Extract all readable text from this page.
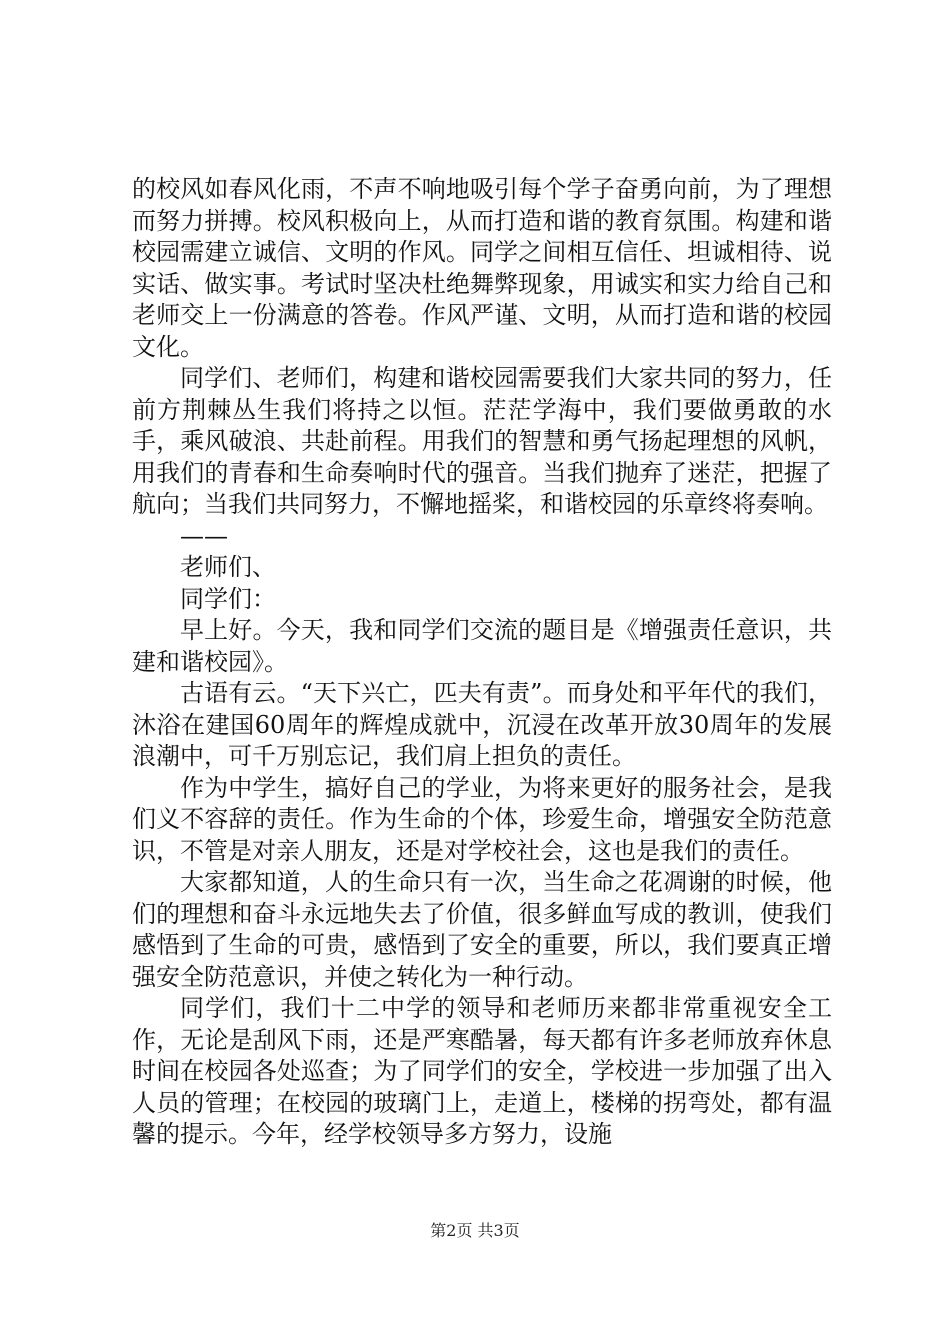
的校风如春风化雨，不声不响地吸引每个学子奋勇向前，为了理想而努力拼搏。校风积极向上，从而打造和谐的教育氛围。构建和谐校园需建立诚信、文明的作风。同学之间相互信任、坦诚相待、说实话、做实事。考试时坚决杜绝舞弊现象，用诚实和实力给自己和老师交上一份满意的答卷。作风严谨、文明，从而打造和谐的校园文化。

同学们、老师们，构建和谐校园需要我们大家共同的努力，任前方荆棘丛生我们将持之以恒。茫茫学海中，我们要做勇敢的水手，乘风破浪、共赴前程。用我们的智慧和勇气扬起理想的风帆，用我们的青春和生命奏响时代的强音。当我们抛弃了迷茫，把握了航向；当我们共同努力，不懈地摇桨，和谐校园的乐章终将奏响。

——

老师们、

同学们：

早上好。今天，我和同学们交流的题目是《增强责任意识，共建和谐校园》。

古语有云。“天下兴亡，匹夫有责”。而身处和平年代的我们，沐浴在建国60周年的辉煌成就中，沉浸在改革开放30周年的发展浪潮中，可千万别忘记，我们肩上担负的责任。

作为中学生，搞好自己的学业，为将来更好的服务社会，是我们义不容辞的责任。作为生命的个体，珍爱生命，增强安全防范意识，不管是对亲人朋友，还是对学校社会，这也是我们的责任。

大家都知道，人的生命只有一次，当生命之花凋谢的时候，他们的理想和奋斗永远地失去了价值，很多鲜血写成的教训，使我们感悟到了生命的可贵，感悟到了安全的重要，所以，我们要真正增强安全防范意识，并使之转化为一种行动。

同学们，我们十二中学的领导和老师历来都非常重视安全工作，无论是刮风下雨，还是严寒酷暑，每天都有许多老师放弃休息时间在校园各处巡查；为了同学们的安全，学校进一步加强了出入人员的管理；在校园的玻璃门上，走道上，楼梯的拐弯处，都有温馨的提示。今年，经学校领导多方努力，设施

第2页 共3页
